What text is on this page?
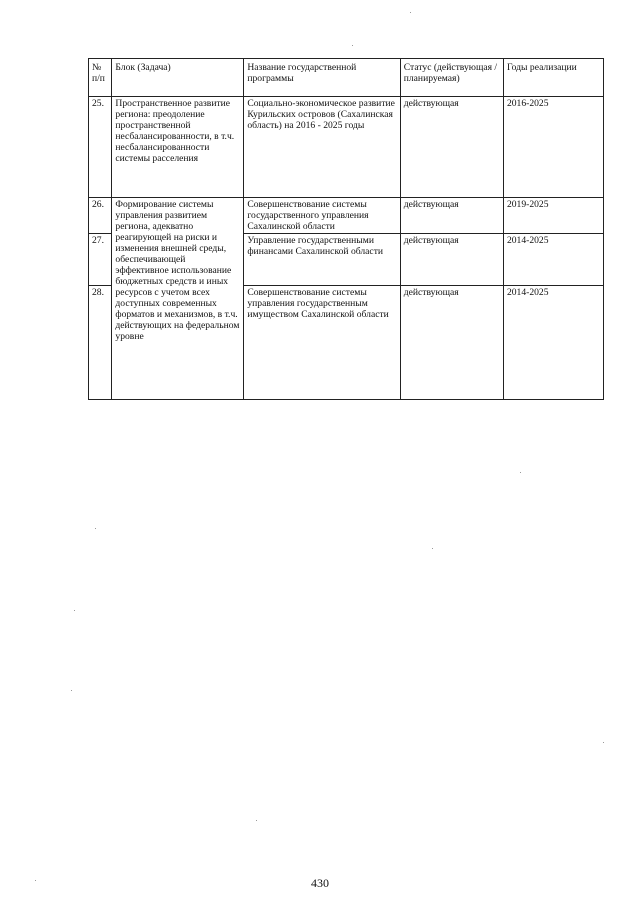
№ п/п	Блок (Задача)	Название государственной программы	Статус (действующая / планируемая)	Годы реализации
25.	Пространственное развитие региона: преодоление пространственной несбалансированности, в т.ч. несбалансированности системы расселения	Социально-экономическое развитие Курильских островов (Сахалинская область) на 2016 - 2025 годы	действующая	2016-2025
26.	Формирование системы управления развитием региона, адекватно реагирующей на риски и изменения внешней среды, обеспечивающей эффективное использование бюджетных средств и иных ресурсов с учетом всех доступных современных форматов и механизмов, в т.ч. действующих на федеральном уровне	Совершенствование системы государственного управления Сахалинской области	действующая	2019-2025
27.		Управление государственными финансами Сахалинской области	действующая	2014-2025
28.		Совершенствование системы управления государственным имуществом Сахалинской области	действующая	2014-2025
430
